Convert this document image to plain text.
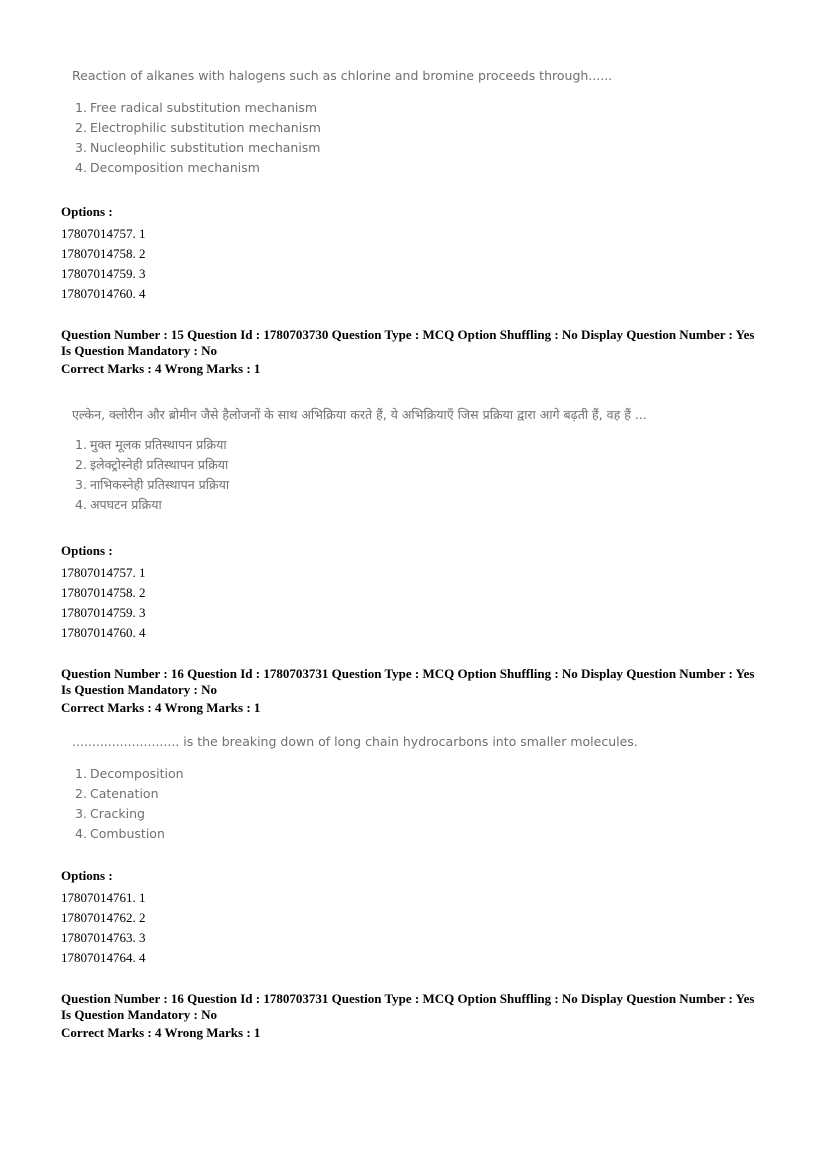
Reaction of alkanes with halogens such as chlorine and bromine proceeds through......
1. Free radical substitution mechanism
2. Electrophilic substitution mechanism
3. Nucleophilic substitution mechanism
4. Decomposition mechanism
Options :
17807014757. 1
17807014758. 2
17807014759. 3
17807014760. 4
Question Number : 15 Question Id : 1780703730 Question Type : MCQ Option Shuffling : No Display Question Number : Yes
Is Question Mandatory : No
Correct Marks : 4 Wrong Marks : 1
एल्केन, क्लोरीन और ब्रोमीन जैसे हैलोजनों के साथ अभिक्रिया करते हैं, ये अभिक्रियाएँ जिस प्रक्रिया द्वारा आगे बढ़ती हैं, वह हैं ...
1. मुक्त मूलक प्रतिस्थापन प्रक्रिया
2. इलेक्ट्रोस्नेही प्रतिस्थापन प्रक्रिया
3. नाभिकस्नेही प्रतिस्थापन प्रक्रिया
4. अपघटन प्रक्रिया
Options :
17807014757. 1
17807014758. 2
17807014759. 3
17807014760. 4
Question Number : 16 Question Id : 1780703731 Question Type : MCQ Option Shuffling : No Display Question Number : Yes
Is Question Mandatory : No
Correct Marks : 4 Wrong Marks : 1
........................... is the breaking down of long chain hydrocarbons into smaller molecules.
1. Decomposition
2. Catenation
3. Cracking
4. Combustion
Options :
17807014761. 1
17807014762. 2
17807014763. 3
17807014764. 4
Question Number : 16 Question Id : 1780703731 Question Type : MCQ Option Shuffling : No Display Question Number : Yes
Is Question Mandatory : No
Correct Marks : 4 Wrong Marks : 1
